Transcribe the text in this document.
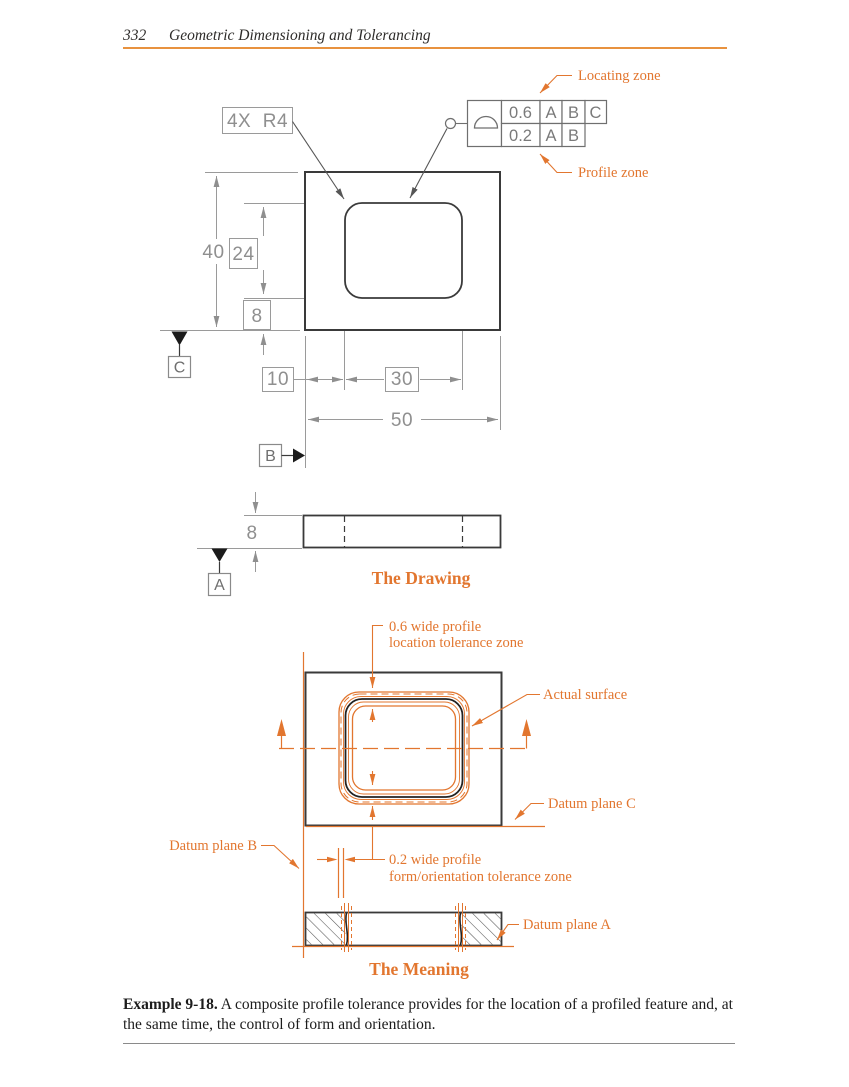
332 Geometric Dimensioning and Tolerancing
40 24
8
C
10	30
50
B
4X  R4	0.6 A B C
0.2 A B
Locating zone
Profile zone
8
A	The Drawing
0.6 wide profile
location tolerance zone
Actual surface
Datum plane C
Datum plane B
0.2 wide profile
form/orientation tolerance zone
Datum plane A
The Meaning
Example 9-18. A composite profile tolerance provides for the location of a profiled feature and, at the same time, the control of form and orientation.
